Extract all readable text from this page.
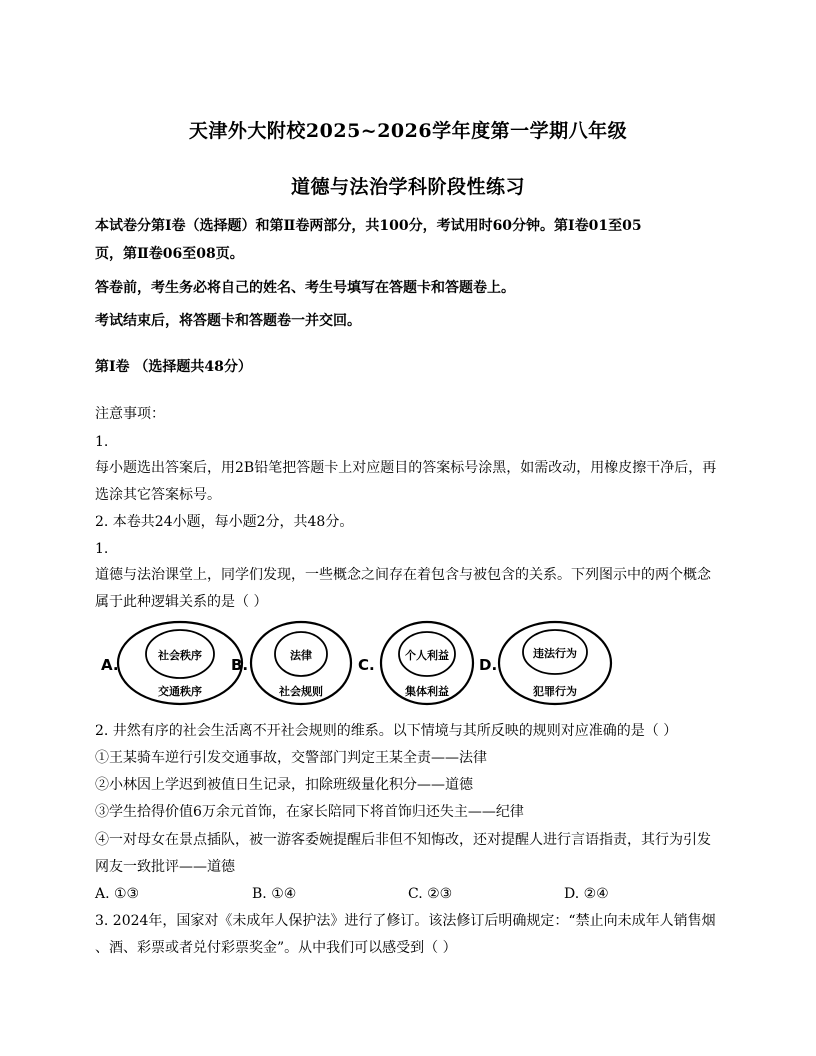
天津外大附校2025~2026学年度第一学期八年级
道德与法治学科阶段性练习
本试卷分第Ⅰ卷（选择题）和第Ⅱ卷两部分，共100分，考试用时60分钟。第Ⅰ卷01至05
页，第Ⅱ卷06至08页。
答卷前，考生务必将自己的姓名、考生号填写在答题卡和答题卷上。
考试结束后，将答题卡和答题卷一并交回。
第Ⅰ卷 （选择题共48分）
注意事项：
1.
每小题选出答案后，用2B铅笔把答题卡上对应题目的答案标号涂黑，如需改动，用橡皮擦干净后，再
选涂其它答案标号。
2. 本卷共24小题，每小题2分，共48分。
1.
道德与法治课堂上，同学们发现，一些概念之间存在着包含与被包含的关系。下列图示中的两个概念
属于此种逻辑关系的是（ ）
A.
社会秩序
交通秩序
B.
法律
社会规则
C.
个人利益
集体利益
D.
违法行为
犯罪行为
2. 井然有序的社会生活离不开社会规则的维系。以下情境与其所反映的规则对应准确的是（ ）
①王某骑车逆行引发交通事故，交警部门判定王某全责——法律
②小林因上学迟到被值日生记录，扣除班级量化积分——道德
③学生拾得价值6万余元首饰，在家长陪同下将首饰归还失主——纪律
④一对母女在景点插队，被一游客委婉提醒后非但不知悔改，还对提醒人进行言语指责，其行为引发
网友一致批评——道德
A. ①③	B. ①④	C. ②③	D. ②④
3. 2024年，国家对《未成年人保护法》进行了修订。该法修订后明确规定：“禁止向未成年人销售烟
、酒、彩票或者兑付彩票奖金”。从中我们可以感受到（ ）
